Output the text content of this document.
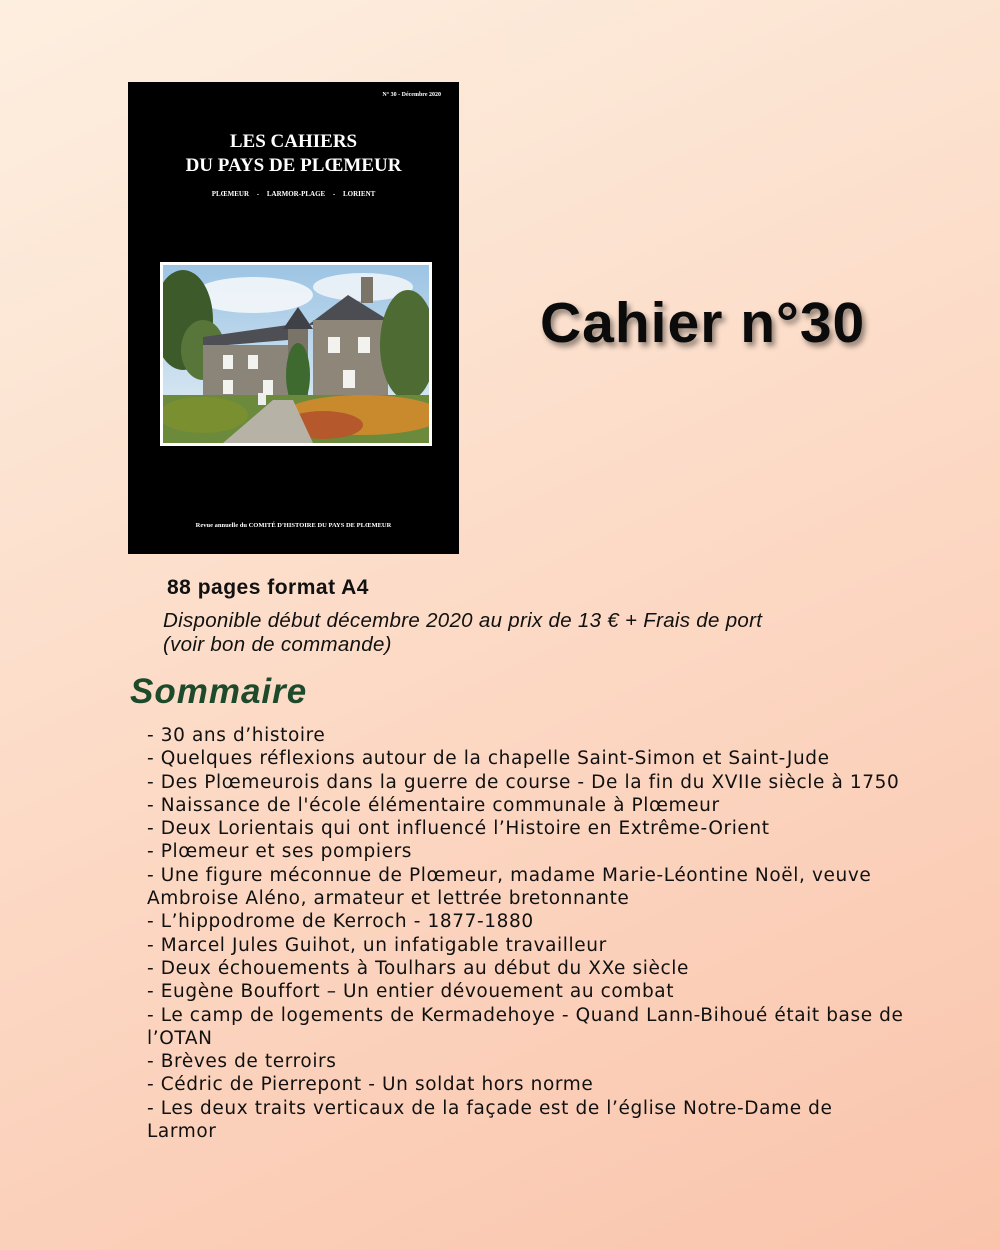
N° 30 - Décembre 2020
LES CAHIERS
DU PAYS DE PLŒMEUR
PLŒMEUR - LARMOR-PLAGE - LORIENT
Revue annuelle du COMITÉ D'HISTOIRE DU PAYS DE PLŒMEUR
Cahier n°30
88 pages format A4
Disponible début décembre 2020 au prix de 13 € + Frais de port
(voir bon de commande)
Sommaire
- 30 ans d’histoire
- Quelques réflexions autour de la chapelle Saint-Simon et Saint-Jude
- Des Plœmeurois dans la guerre de course - De la fin du XVIIe siècle à 1750
- Naissance de l'école élémentaire communale à Plœmeur
- Deux Lorientais qui ont influencé l’Histoire en Extrême-Orient
- Plœmeur et ses pompiers
- Une figure méconnue de Plœmeur, madame Marie-Léontine Noël, veuve Ambroise Aléno, armateur et lettrée bretonnante
- L’hippodrome de Kerroch - 1877-1880
- Marcel Jules Guihot, un infatigable travailleur
- Deux échouements à Toulhars au début du XXe siècle
- Eugène Bouffort – Un entier dévouement au combat
- Le camp de logements de Kermadehoye - Quand Lann-Bihoué était base de l’OTAN
- Brèves de terroirs
- Cédric de Pierrepont - Un soldat hors norme
- Les deux traits verticaux de la façade est de l’église Notre-Dame de Larmor
